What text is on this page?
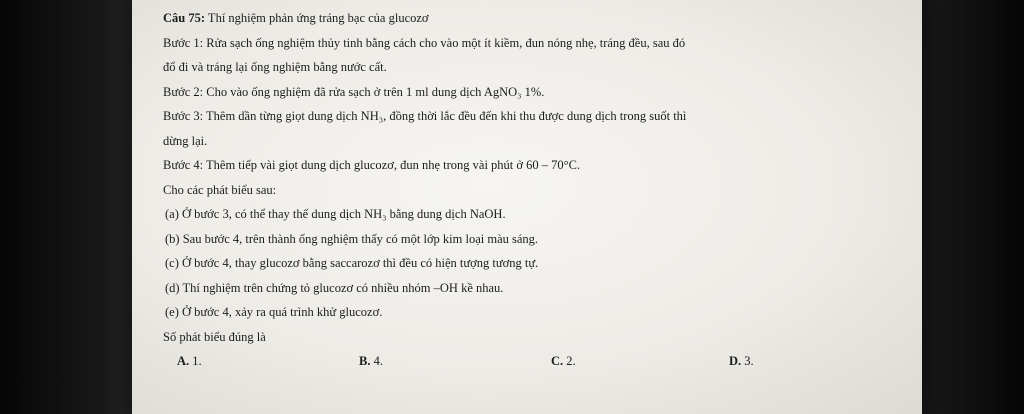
Câu 75: Thí nghiệm phản ứng tráng bạc của glucozơ
Bước 1: Rửa sạch ống nghiệm thủy tinh bằng cách cho vào một ít kiềm, đun nóng nhẹ, tráng đều, sau đó
đổ đi và tráng lại ống nghiệm bằng nước cất.
Bước 2: Cho vào ống nghiệm đã rửa sạch ở trên 1 ml dung dịch AgNO₃ 1%.
Bước 3: Thêm dần từng giọt dung dịch NH₃, đồng thời lắc đều đến khi thu được dung dịch trong suốt thì
dừng lại.
Bước 4: Thêm tiếp vài giọt dung dịch glucozơ, đun nhẹ trong vài phút ở 60 – 70°C.
Cho các phát biểu sau:
(a) Ở bước 3, có thể thay thế dung dịch NH₃ bằng dung dịch NaOH.
(b) Sau bước 4, trên thành ống nghiệm thấy có một lớp kim loại màu sáng.
(c) Ở bước 4, thay glucozơ bằng saccarozơ thì đều có hiện tượng tương tự.
(d) Thí nghiệm trên chứng tỏ glucozơ có nhiều nhóm –OH kề nhau.
(e) Ở bước 4, xảy ra quá trình khử glucozơ.
Số phát biểu đúng là
A. 1.	B. 4.	C. 2.	D. 3.
